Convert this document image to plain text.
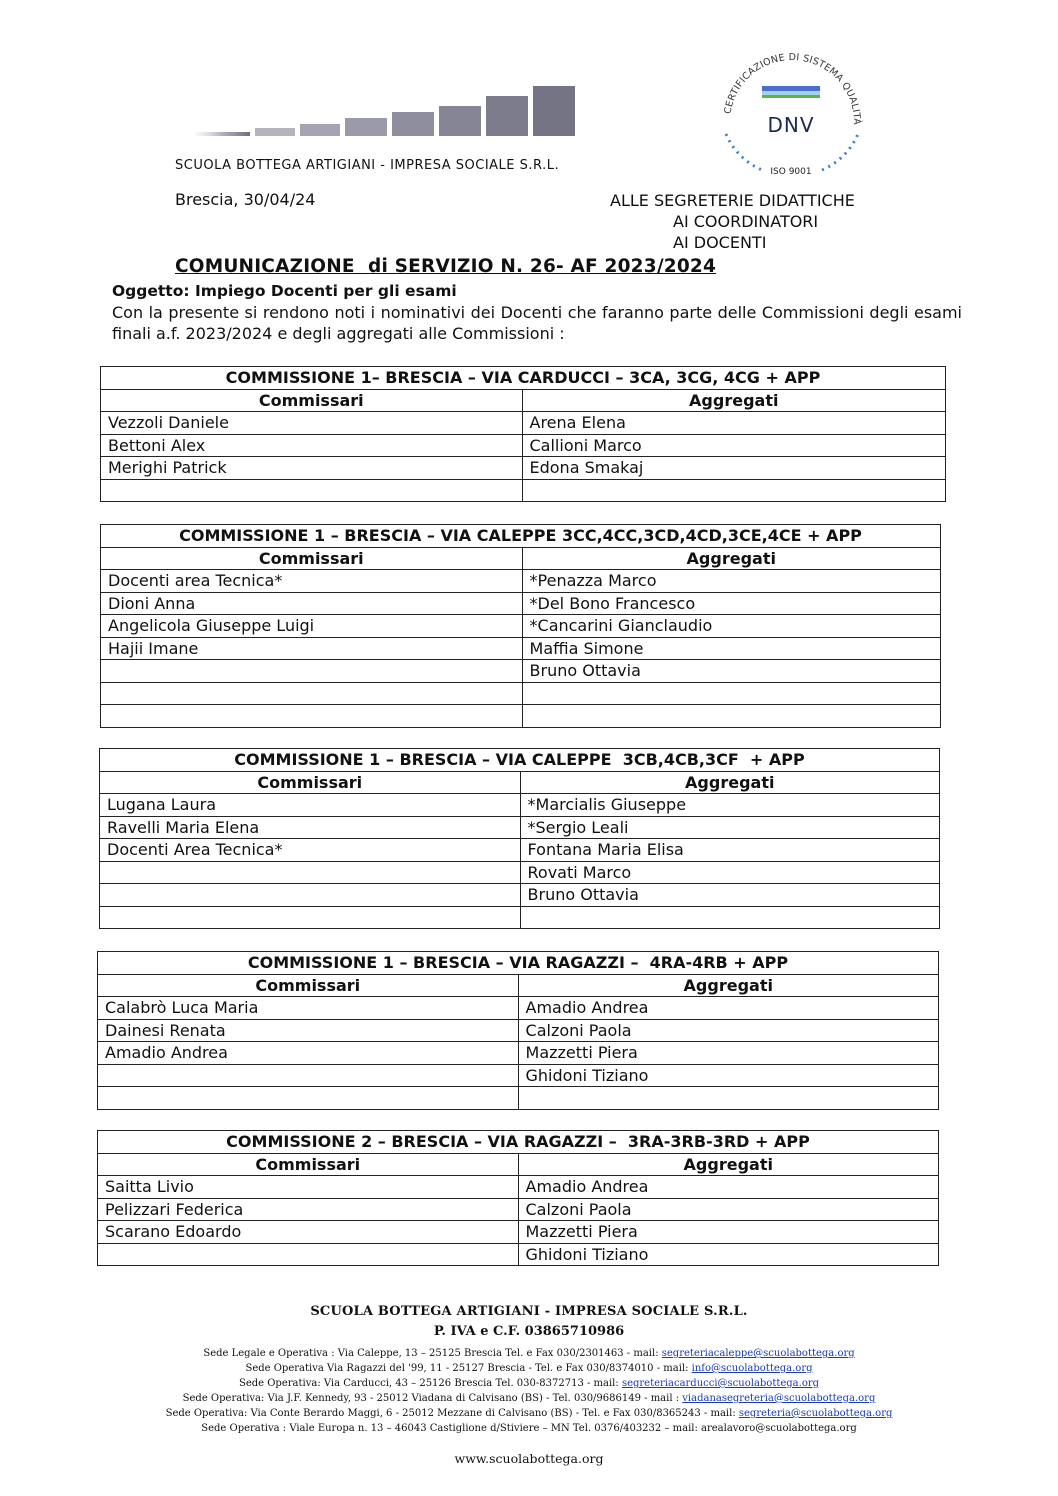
SCUOLA BOTTEGA ARTIGIANI - IMPRESA SOCIALE S.R.L.
CERTIFICAZIONE DI SISTEMA QUALITÀ
DNV
ISO 9001
Brescia, 30/04/24	ALLE SEGRETERIE DIDATTICHE
AI COORDINATORI
AI DOCENTI
COMUNICAZIONE  di SERVIZIO N. 26- AF 2023/2024
Oggetto: Impiego Docenti per gli esami
Con la presente si rendono noti i nominativi dei Docenti che faranno parte delle Commissioni degli esami finali a.f. 2023/2024 e degli aggregati alle Commissioni :
COMMISSIONE 1– BRESCIA – VIA CARDUCCI – 3CA, 3CG, 4CG + APP	
Commissari	Aggregati
Vezzoli Daniele	Arena Elena
Bettoni Alex	Callioni Marco
Merighi Patrick	Edona Smakaj

COMMISSIONE 1 – BRESCIA – VIA CALEPPE 3CC,4CC,3CD,4CD,3CE,4CE + APP	
Commissari	Aggregati
Docenti area Tecnica*	*Penazza Marco
Dioni Anna	*Del Bono Francesco
Angelicola Giuseppe Luigi	*Cancarini Gianclaudio
Hajii Imane	Maffia Simone
	Bruno Ottavia

COMMISSIONE 1 – BRESCIA – VIA CALEPPE  3CB,4CB,3CF  + APP	
Commissari	Aggregati
Lugana Laura	*Marcialis Giuseppe
Ravelli Maria Elena	*Sergio Leali
Docenti Area Tecnica*	Fontana Maria Elisa
	Rovati Marco
	Bruno Ottavia

COMMISSIONE 1 – BRESCIA – VIA RAGAZZI –  4RA-4RB + APP	
Commissari	Aggregati
Calabrò Luca Maria	Amadio Andrea
Dainesi Renata	Calzoni Paola
Amadio Andrea	Mazzetti Piera
	Ghidoni Tiziano

COMMISSIONE 2 – BRESCIA – VIA RAGAZZI –  3RA-3RB-3RD + APP	
Commissari	Aggregati
Saitta Livio	Amadio Andrea
Pelizzari Federica	Calzoni Paola
Scarano Edoardo	Mazzetti Piera
	Ghidoni Tiziano
SCUOLA BOTTEGA ARTIGIANI - IMPRESA SOCIALE S.R.L.
P. IVA e C.F. 03865710986
Sede Legale e Operativa : Via Caleppe, 13 – 25125 Brescia Tel. e Fax 030/2301463 - mail: segreteriacaleppe@scuolabottega.org
Sede Operativa Via Ragazzi del '99, 11 - 25127 Brescia - Tel. e Fax 030/8374010 - mail: info@scuolabottega.org
Sede Operativa: Via Carducci, 43 – 25126 Brescia Tel. 030-8372713 - mail: segreteriacarducci@scuolabottega.org
Sede Operativa: Via J.F. Kennedy, 93 - 25012 Viadana di Calvisano (BS) - Tel. 030/9686149 - mail : viadanasegreteria@scuolabottega.org
Sede Operativa: Via Conte Berardo Maggi, 6 - 25012 Mezzane di Calvisano (BS) - Tel. e Fax 030/8365243 - mail: segreteria@scuolabottega.org
Sede Operativa : Viale Europa n. 13 – 46043 Castiglione d/Stiviere – MN Tel. 0376/403232 – mail: arealavoro@scuolabottega.org
www.scuolabottega.org
